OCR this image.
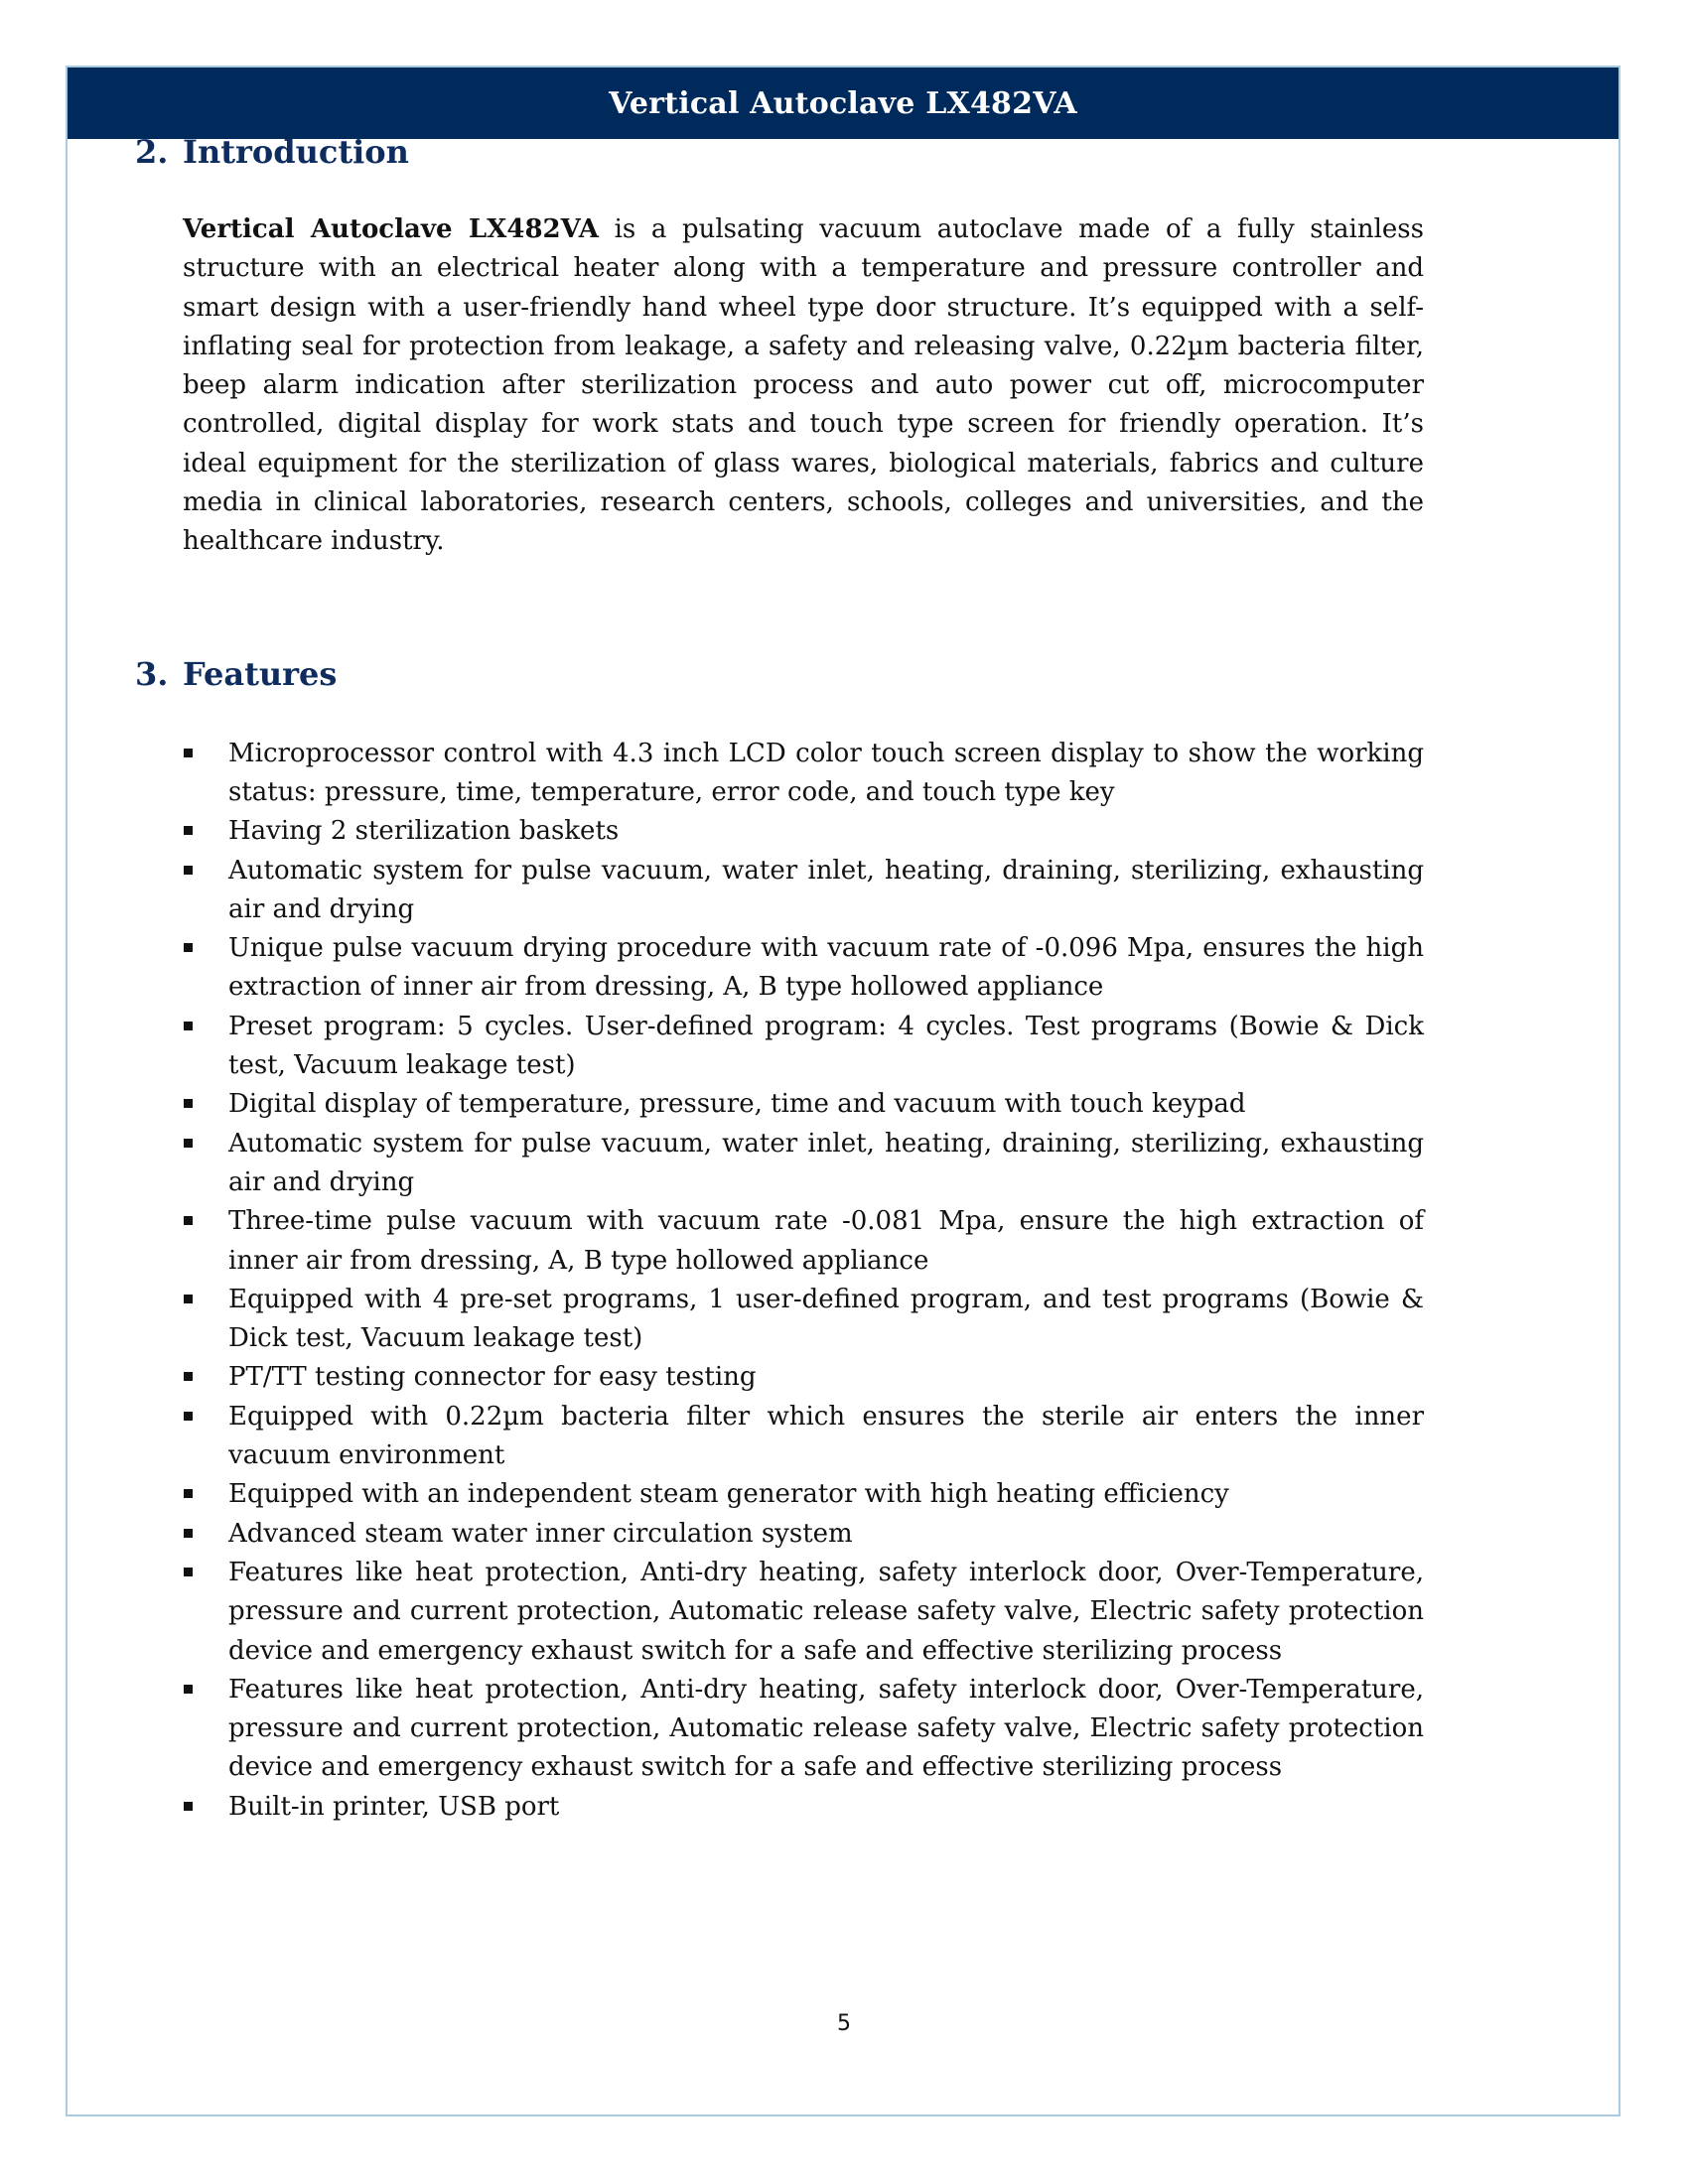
Vertical Autoclave LX482VA
2. Introduction

Vertical Autoclave LX482VA is a pulsating vacuum autoclave made of a fully stainless structure with an electrical heater along with a temperature and pressure controller and smart design with a user-friendly hand wheel type door structure. It’s equipped with a self-inflating seal for protection from leakage, a safety and releasing valve, 0.22µm bacteria filter, beep alarm indication after sterilization process and auto power cut off, microcomputer controlled, digital display for work stats and touch type screen for friendly operation. It’s ideal equipment for the sterilization of glass wares, biological materials, fabrics and culture media in clinical laboratories, research centers, schools, colleges and universities, and the healthcare industry.

3. Features
Microprocessor control with 4.3 inch LCD color touch screen display to show the working status: pressure, time, temperature, error code, and touch type key
Having 2 sterilization baskets
Automatic system for pulse vacuum, water inlet, heating, draining, sterilizing, exhausting air and drying
Unique pulse vacuum drying procedure with vacuum rate of -0.096 Mpa, ensures the high extraction of inner air from dressing, A, B type hollowed appliance
Preset program: 5 cycles. User-defined program: 4 cycles. Test programs (Bowie & Dick test, Vacuum leakage test)
Digital display of temperature, pressure, time and vacuum with touch keypad
Automatic system for pulse vacuum, water inlet, heating, draining, sterilizing, exhausting air and drying
Three-time pulse vacuum with vacuum rate -0.081 Mpa, ensure the high extraction of inner air from dressing, A, B type hollowed appliance
Equipped with 4 pre-set programs, 1 user-defined program, and test programs (Bowie & Dick test, Vacuum leakage test)
PT/TT testing connector for easy testing
Equipped with 0.22µm bacteria filter which ensures the sterile air enters the inner vacuum environment
Equipped with an independent steam generator with high heating efficiency
Advanced steam water inner circulation system
Features like heat protection, Anti-dry heating, safety interlock door, Over-Temperature, pressure and current protection, Automatic release safety valve, Electric safety protection device and emergency exhaust switch for a safe and effective sterilizing process
Features like heat protection, Anti-dry heating, safety interlock door, Over-Temperature, pressure and current protection, Automatic release safety valve, Electric safety protection device and emergency exhaust switch for a safe and effective sterilizing process
Built-in printer, USB port
5
